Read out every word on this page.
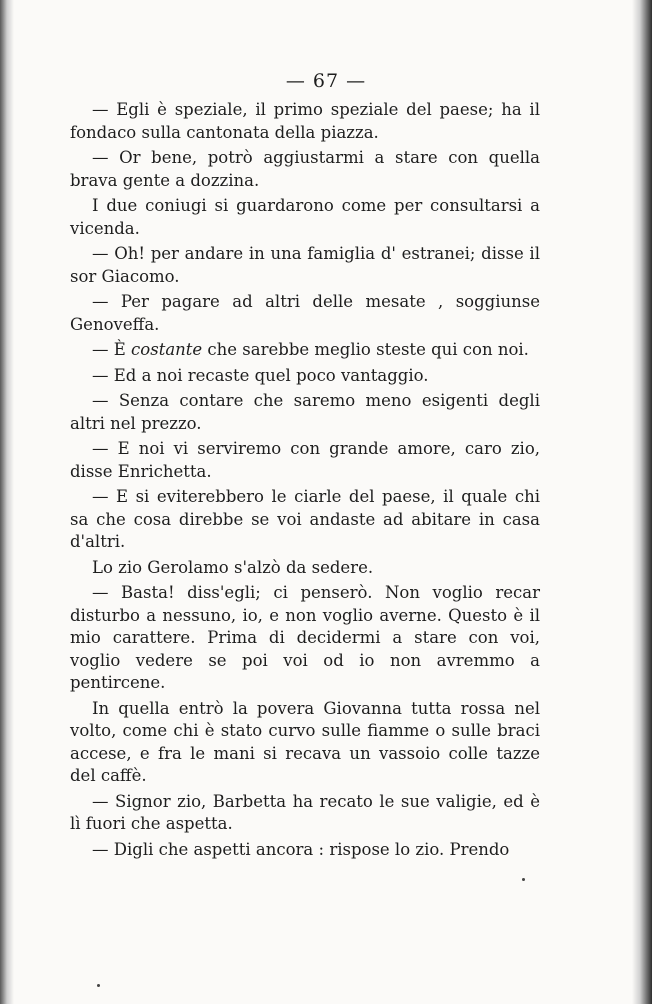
— 67 —

— Egli è speziale, il primo speziale del paese; ha il fondaco sulla cantonata della piazza.

— Or bene, potrò aggiustarmi a stare con quella brava gente a dozzina.

I due coniugi si guardarono come per consultarsi a vicenda.

— Oh! per andare in una famiglia d' estranei; disse il sor Giacomo.

— Per pagare ad altri delle mesate , soggiunse Genoveffa.

— È costante che sarebbe meglio steste qui con noi.

— Ed a noi recaste quel poco vantaggio.

— Senza contare che saremo meno esigenti degli altri nel prezzo.

— E noi vi serviremo con grande amore, caro zio, disse Enrichetta.

— E si eviterebbero le ciarle del paese, il quale chi sa che cosa direbbe se voi andaste ad abitare in casa d'altri.

Lo zio Gerolamo s'alzò da sedere.

— Basta! diss'egli; ci penserò. Non voglio recar disturbo a nessuno, io, e non voglio averne. Questo è il mio carattere. Prima di decidermi a stare con voi, voglio vedere se poi voi od io non avremmo a pentircene.

In quella entrò la povera Giovanna tutta rossa nel volto, come chi è stato curvo sulle fiamme o sulle braci accese, e fra le mani si recava un vassoio colle tazze del caffè.

— Signor zio, Barbetta ha recato le sue valigie, ed è lì fuori che aspetta.

— Digli che aspetti ancora : rispose lo zio. Prendo
